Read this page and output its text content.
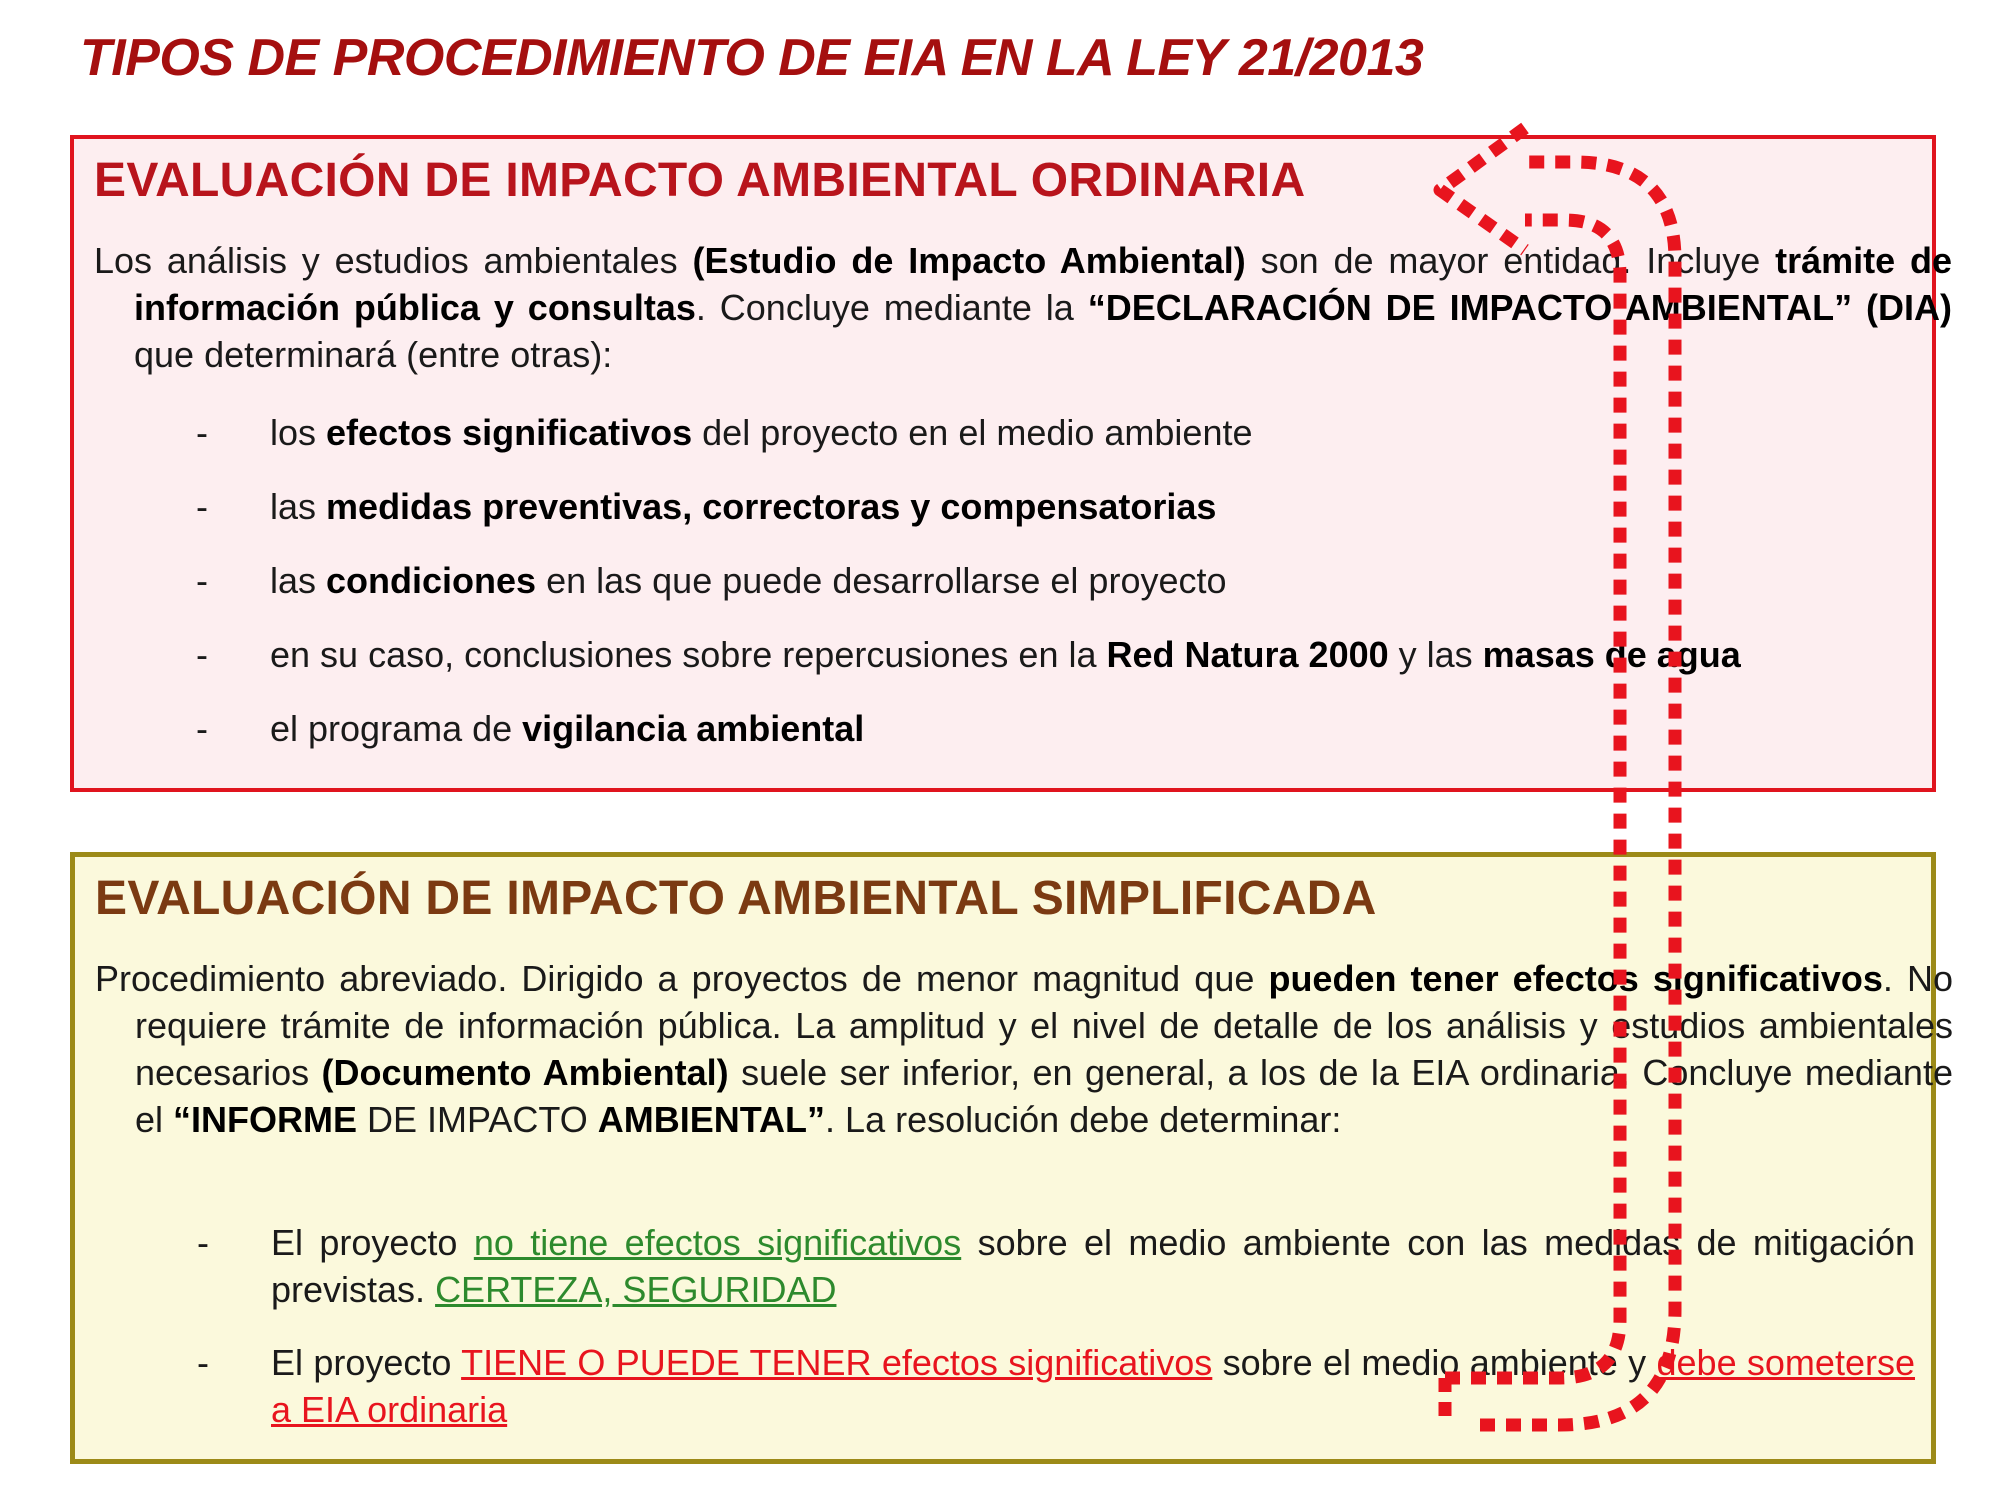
TIPOS DE PROCEDIMIENTO DE EIA EN LA LEY 21/2013
EVALUACIÓN DE IMPACTO AMBIENTAL ORDINARIA

Los análisis y estudios ambientales (Estudio de Impacto Ambiental) son de mayor entidad. Incluye trámite de información pública y consultas. Concluye mediante la “DECLARACIÓN DE IMPACTO AMBIENTAL” (DIA) que determinará (entre otras):

- los efectos significativos del proyecto en el medio ambiente
- las medidas preventivas, correctoras y compensatorias
- las condiciones en las que puede desarrollarse el proyecto
- en su caso, conclusiones sobre repercusiones en la Red Natura 2000 y las masas de agua
- el programa de vigilancia ambiental
EVALUACIÓN DE IMPACTO AMBIENTAL SIMPLIFICADA

Procedimiento abreviado. Dirigido a proyectos de menor magnitud que pueden tener efectos significativos. No requiere trámite de información pública. La amplitud y el nivel de detalle de los análisis y estudios ambientales necesarios (Documento Ambiental) suele ser inferior, en general, a los de la EIA ordinaria. Concluye mediante el “INFORME DE IMPACTO AMBIENTAL”. La resolución debe determinar:

- El proyecto no tiene efectos significativos sobre el medio ambiente con las medidas de mitigación previstas. CERTEZA, SEGURIDAD
- El proyecto TIENE O PUEDE TENER efectos significativos sobre el medio ambiente y debe someterse a EIA ordinaria
